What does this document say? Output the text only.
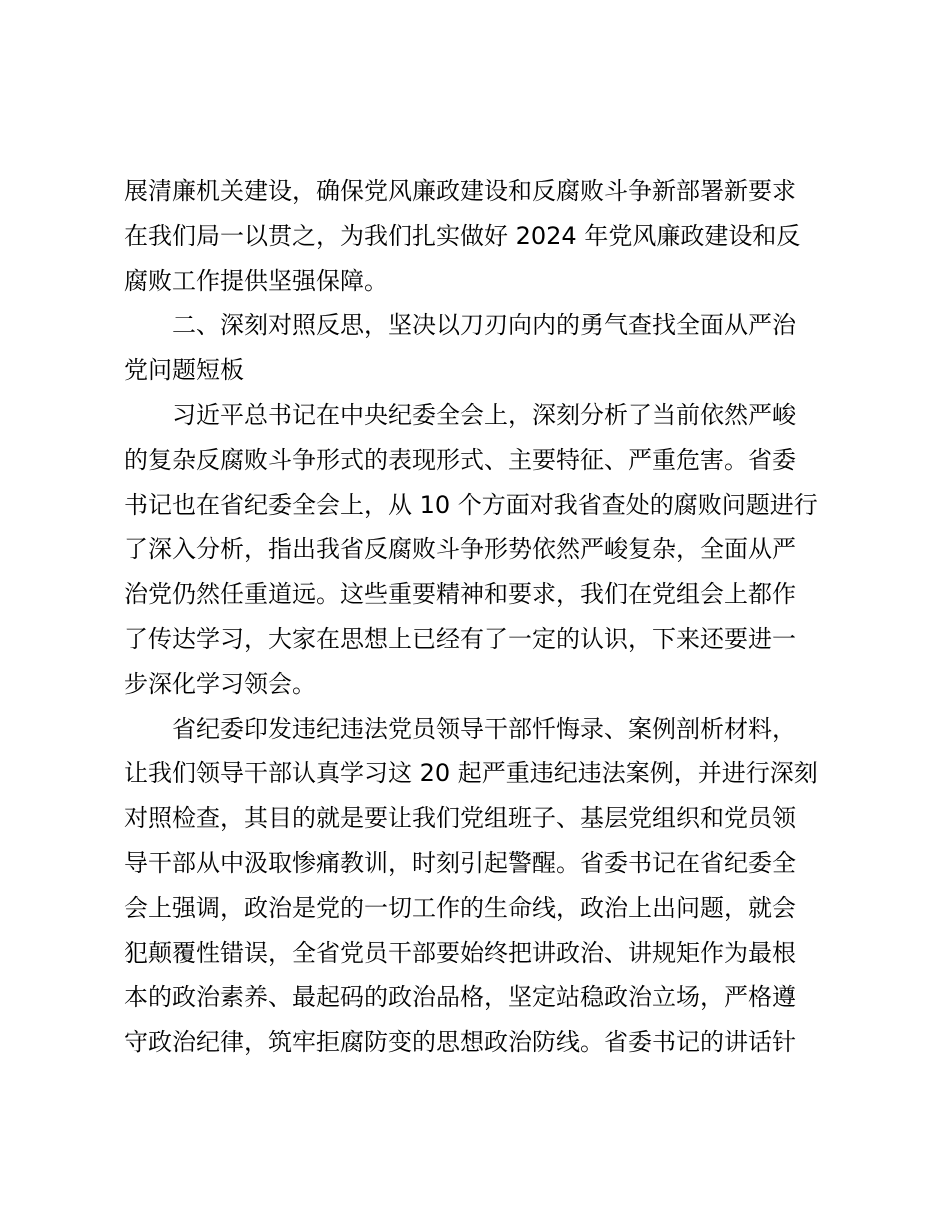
展清廉机关建设，确保党风廉政建设和反腐败斗争新部署新要求
在我们局一以贯之，为我们扎实做好 2024 年党风廉政建设和反
腐败工作提供坚强保障。
二、深刻对照反思，坚决以刀刃向内的勇气查找全面从严治
党问题短板
习近平总书记在中央纪委全会上，深刻分析了当前依然严峻
的复杂反腐败斗争形式的表现形式、主要特征、严重危害。省委
书记也在省纪委全会上，从 10 个方面对我省查处的腐败问题进行
了深入分析，指出我省反腐败斗争形势依然严峻复杂，全面从严
治党仍然任重道远。这些重要精神和要求，我们在党组会上都作
了传达学习，大家在思想上已经有了一定的认识，下来还要进一
步深化学习领会。
省纪委印发违纪违法党员领导干部忏悔录、案例剖析材料，
让我们领导干部认真学习这 20 起严重违纪违法案例，并进行深刻
对照检查，其目的就是要让我们党组班子、基层党组织和党员领
导干部从中汲取惨痛教训，时刻引起警醒。省委书记在省纪委全
会上强调，政治是党的一切工作的生命线，政治上出问题，就会
犯颠覆性错误，全省党员干部要始终把讲政治、讲规矩作为最根
本的政治素养、最起码的政治品格，坚定站稳政治立场，严格遵
守政治纪律，筑牢拒腐防变的思想政治防线。省委书记的讲话针
